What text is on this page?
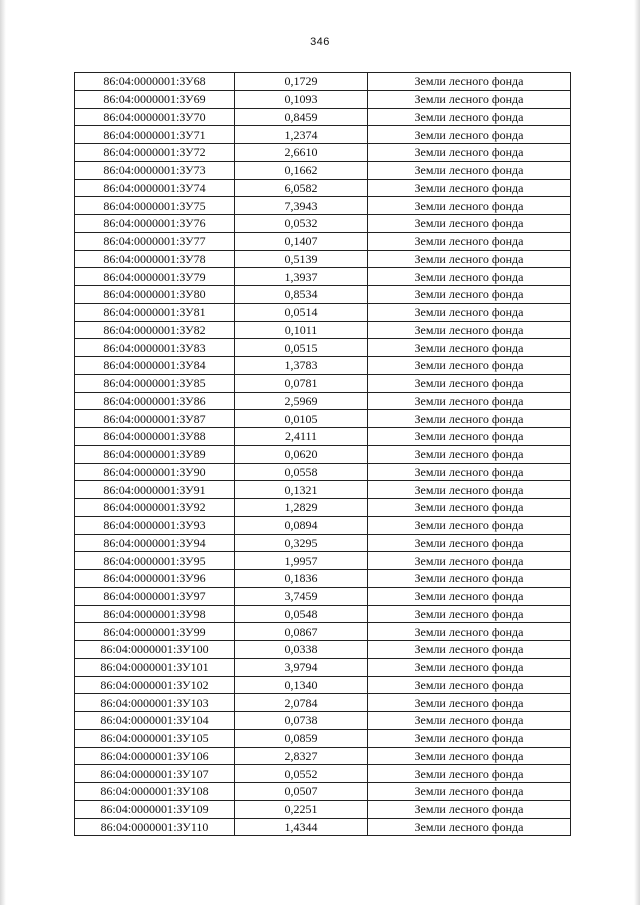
346
86:04:0000001:ЗУ68	0,1729	Земли лесного фонда
86:04:0000001:ЗУ69	0,1093	Земли лесного фонда
86:04:0000001:ЗУ70	0,8459	Земли лесного фонда
86:04:0000001:ЗУ71	1,2374	Земли лесного фонда
86:04:0000001:ЗУ72	2,6610	Земли лесного фонда
86:04:0000001:ЗУ73	0,1662	Земли лесного фонда
86:04:0000001:ЗУ74	6,0582	Земли лесного фонда
86:04:0000001:ЗУ75	7,3943	Земли лесного фонда
86:04:0000001:ЗУ76	0,0532	Земли лесного фонда
86:04:0000001:ЗУ77	0,1407	Земли лесного фонда
86:04:0000001:ЗУ78	0,5139	Земли лесного фонда
86:04:0000001:ЗУ79	1,3937	Земли лесного фонда
86:04:0000001:ЗУ80	0,8534	Земли лесного фонда
86:04:0000001:ЗУ81	0,0514	Земли лесного фонда
86:04:0000001:ЗУ82	0,1011	Земли лесного фонда
86:04:0000001:ЗУ83	0,0515	Земли лесного фонда
86:04:0000001:ЗУ84	1,3783	Земли лесного фонда
86:04:0000001:ЗУ85	0,0781	Земли лесного фонда
86:04:0000001:ЗУ86	2,5969	Земли лесного фонда
86:04:0000001:ЗУ87	0,0105	Земли лесного фонда
86:04:0000001:ЗУ88	2,4111	Земли лесного фонда
86:04:0000001:ЗУ89	0,0620	Земли лесного фонда
86:04:0000001:ЗУ90	0,0558	Земли лесного фонда
86:04:0000001:ЗУ91	0,1321	Земли лесного фонда
86:04:0000001:ЗУ92	1,2829	Земли лесного фонда
86:04:0000001:ЗУ93	0,0894	Земли лесного фонда
86:04:0000001:ЗУ94	0,3295	Земли лесного фонда
86:04:0000001:ЗУ95	1,9957	Земли лесного фонда
86:04:0000001:ЗУ96	0,1836	Земли лесного фонда
86:04:0000001:ЗУ97	3,7459	Земли лесного фонда
86:04:0000001:ЗУ98	0,0548	Земли лесного фонда
86:04:0000001:ЗУ99	0,0867	Земли лесного фонда
86:04:0000001:ЗУ100	0,0338	Земли лесного фонда
86:04:0000001:ЗУ101	3,9794	Земли лесного фонда
86:04:0000001:ЗУ102	0,1340	Земли лесного фонда
86:04:0000001:ЗУ103	2,0784	Земли лесного фонда
86:04:0000001:ЗУ104	0,0738	Земли лесного фонда
86:04:0000001:ЗУ105	0,0859	Земли лесного фонда
86:04:0000001:ЗУ106	2,8327	Земли лесного фонда
86:04:0000001:ЗУ107	0,0552	Земли лесного фонда
86:04:0000001:ЗУ108	0,0507	Земли лесного фонда
86:04:0000001:ЗУ109	0,2251	Земли лесного фонда
86:04:0000001:ЗУ110	1,4344	Земли лесного фонда
